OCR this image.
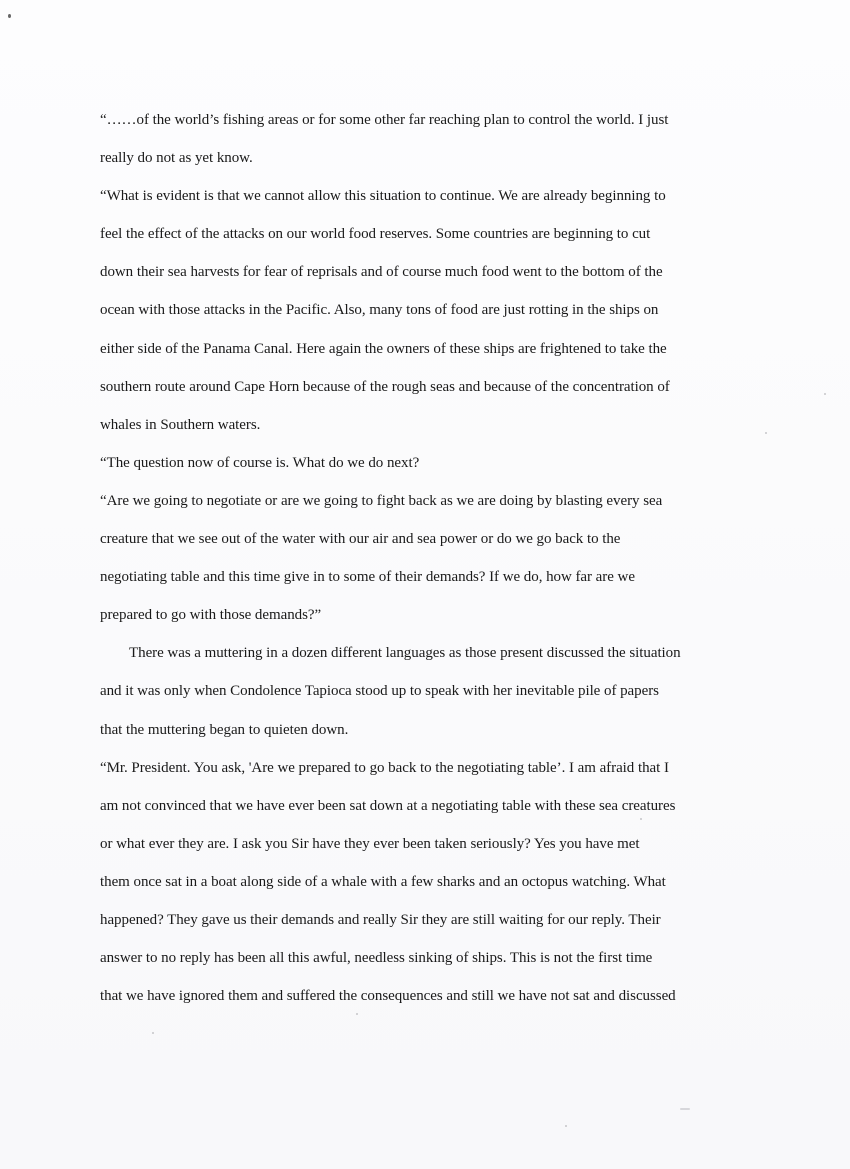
“……of the world’s fishing areas or for some other far reaching plan to control the world. I just
really do not as yet know.
“What is evident is that we cannot allow this situation to continue. We are already beginning to
feel the effect of the attacks on our world food reserves. Some countries are beginning to cut
down their sea harvests for fear of reprisals and of course much food went to the bottom of the
ocean with those attacks in the Pacific. Also, many tons of food are just rotting in the ships on
either side of the Panama Canal. Here again the owners of these ships are frightened to take the
southern route around Cape Horn because of the rough seas and because of the concentration of
whales in Southern waters.
“The question now of course is. What do we do next?
“Are we going to negotiate or are we going to fight back as we are doing by blasting every sea
creature that we see out of the water with our air and sea power or do we go back to the
negotiating table and this time give in to some of their demands? If we do, how far are we
prepared to go with those demands?”
There was a muttering in a dozen different languages as those present discussed the situation
and it was only when Condolence Tapioca stood up to speak with her inevitable pile of papers
that the muttering began to quieten down.
“Mr. President. You ask, 'Are we prepared to go back to the negotiating table’. I am afraid that I
am not convinced that we have ever been sat down at a negotiating table with these sea creatures
or what ever they are. I ask you Sir have they ever been taken seriously? Yes you have met
them once sat in a boat along side of a whale with a few sharks and an octopus watching. What
happened? They gave us their demands and really Sir they are still waiting for our reply. Their
answer to no reply has been all this awful, needless sinking of ships. This is not the first time
that we have ignored them and suffered the consequences and still we have not sat and discussed
